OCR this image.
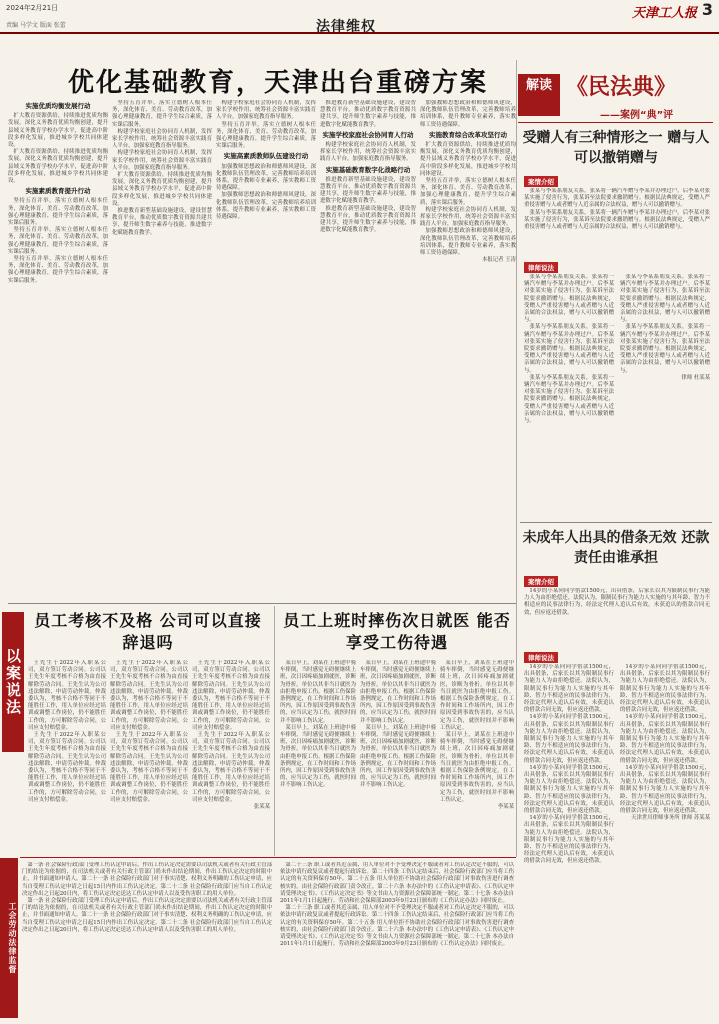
2024年2月21日
责编 马学文 版面 张蕾	法律维权
天津工人报 3
优化基础教育，天津出台重磅方案
实施优质均衡发展行动

扩大教育资源供给，持续推进优质均衡发展，深化义务教育优质均衡创建，提升县域义务教育学校办学水平，促进高中阶段多样化发展，推进城乡学校共同体建设。

扩大教育资源供给，持续推进优质均衡发展，深化义务教育优质均衡创建，提升县域义务教育学校办学水平，促进高中阶段多样化发展，推进城乡学校共同体建设。

实施素质教育提升行动

坚持五育并举，落实立德树人根本任务，深化体育、美育、劳动教育改革，加强心理健康教育，提升学生综合素质，落实课后服务。

坚持五育并举，落实立德树人根本任务，深化体育、美育、劳动教育改革，加强心理健康教育，提升学生综合素质，落实课后服务。

坚持五育并举，落实立德树人根本任务，深化体育、美育、劳动教育改革，加强心理健康教育，提升学生综合素质，落实课后服务。

坚持五育并举，落实立德树人根本任务，深化体育、美育、劳动教育改革，加强心理健康教育，提升学生综合素质，落实课后服务。

构建学校家庭社会协同育人机制，发挥家长学校作用，统筹社会资源丰富实践育人平台，加强家庭教育指导服务。

构建学校家庭社会协同育人机制，发挥家长学校作用，统筹社会资源丰富实践育人平台，加强家庭教育指导服务。

扩大教育资源供给，持续推进优质均衡发展，深化义务教育优质均衡创建，提升县域义务教育学校办学水平，促进高中阶段多样化发展，推进城乡学校共同体建设。

推进教育新型基础设施建设，建设智慧教育平台，推动优质数字教育资源共建共享，提升师生数字素养与技能，推进数字化赋能教育教学。

构建学校家庭社会协同育人机制，发挥家长学校作用，统筹社会资源丰富实践育人平台，加强家庭教育指导服务。

坚持五育并举，落实立德树人根本任务，深化体育、美育、劳动教育改革，加强心理健康教育，提升学生综合素质，落实课后服务。

实施高素质教师队伍建设行动

加强教师思想政治和师德师风建设，深化教师队伍管理改革，完善教师培养培训体系，提升教师专业素养，落实教师工资待遇保障。

加强教师思想政治和师德师风建设，深化教师队伍管理改革，完善教师培养培训体系，提升教师专业素养，落实教师工资待遇保障。

推进教育新型基础设施建设，建设智慧教育平台，推动优质数字教育资源共建共享，提升师生数字素养与技能，推进数字化赋能教育教学。

实施学校家庭社会协同育人行动

构建学校家庭社会协同育人机制，发挥家长学校作用，统筹社会资源丰富实践育人平台，加强家庭教育指导服务。

实施基础教育数字化战略行动

推进教育新型基础设施建设，建设智慧教育平台，推动优质数字教育资源共建共享，提升师生数字素养与技能，推进数字化赋能教育教学。

推进教育新型基础设施建设，建设智慧教育平台，推动优质数字教育资源共建共享，提升师生数字素养与技能，推进数字化赋能教育教学。

加强教师思想政治和师德师风建设，深化教师队伍管理改革，完善教师培养培训体系，提升教师专业素养，落实教师工资待遇保障。

实施教育综合改革攻坚行动

扩大教育资源供给，持续推进优质均衡发展，深化义务教育优质均衡创建，提升县域义务教育学校办学水平，促进高中阶段多样化发展，推进城乡学校共同体建设。

坚持五育并举，落实立德树人根本任务，深化体育、美育、劳动教育改革，加强心理健康教育，提升学生综合素质，落实课后服务。

构建学校家庭社会协同育人机制，发挥家长学校作用，统筹社会资源丰富实践育人平台，加强家庭教育指导服务。

加强教师思想政治和师德师风建设，深化教师队伍管理改革，完善教师培养培训体系，提升教师专业素养，落实教师工资待遇保障。

本报记者 王涛

解读 《民法典》
——案例“典”评
受赠人有三种情形之一 赠与人可以撤销赠与
案情介绍

张某与李某系朋友关系，张某将一辆汽车赠与李某并办理过户。后李某对张某实施了侵害行为，张某诉至法院要求撤销赠与。根据民法典规定，受赠人严重侵害赠与人或者赠与人近亲属的合法权益，赠与人可以撤销赠与。

张某与李某系朋友关系，张某将一辆汽车赠与李某并办理过户。后李某对张某实施了侵害行为，张某诉至法院要求撤销赠与。根据民法典规定，受赠人严重侵害赠与人或者赠与人近亲属的合法权益，赠与人可以撤销赠与。

律师说法

张某与李某系朋友关系，张某将一辆汽车赠与李某并办理过户。后李某对张某实施了侵害行为，张某诉至法院要求撤销赠与。根据民法典规定，受赠人严重侵害赠与人或者赠与人近亲属的合法权益，赠与人可以撤销赠与。

张某与李某系朋友关系，张某将一辆汽车赠与李某并办理过户。后李某对张某实施了侵害行为，张某诉至法院要求撤销赠与。根据民法典规定，受赠人严重侵害赠与人或者赠与人近亲属的合法权益，赠与人可以撤销赠与。

张某与李某系朋友关系，张某将一辆汽车赠与李某并办理过户。后李某对张某实施了侵害行为，张某诉至法院要求撤销赠与。根据民法典规定，受赠人严重侵害赠与人或者赠与人近亲属的合法权益，赠与人可以撤销赠与。

张某与李某系朋友关系，张某将一辆汽车赠与李某并办理过户。后李某对张某实施了侵害行为，张某诉至法院要求撤销赠与。根据民法典规定，受赠人严重侵害赠与人或者赠与人近亲属的合法权益，赠与人可以撤销赠与。

张某与李某系朋友关系，张某将一辆汽车赠与李某并办理过户。后李某对张某实施了侵害行为，张某诉至法院要求撤销赠与。根据民法典规定，受赠人严重侵害赠与人或者赠与人近亲属的合法权益，赠与人可以撤销赠与。

律师 杜某某

未成年人出具的借条无效 还款责任由谁承担
案情介绍

14岁的小某向同学借款1500元，出具借条，后家长以其为限制民事行为能力人为由拒绝偿还。法院认为，限制民事行为能力人实施的与其年龄、智力不相适应的民事法律行为，经法定代理人追认后有效，未获追认的借款合同无效，但应返还借款。

律师说法

14岁的小某向同学借款1500元，出具借条，后家长以其为限制民事行为能力人为由拒绝偿还。法院认为，限制民事行为能力人实施的与其年龄、智力不相适应的民事法律行为，经法定代理人追认后有效，未获追认的借款合同无效，但应返还借款。

14岁的小某向同学借款1500元，出具借条，后家长以其为限制民事行为能力人为由拒绝偿还。法院认为，限制民事行为能力人实施的与其年龄、智力不相适应的民事法律行为，经法定代理人追认后有效，未获追认的借款合同无效，但应返还借款。

14岁的小某向同学借款1500元，出具借条，后家长以其为限制民事行为能力人为由拒绝偿还。法院认为，限制民事行为能力人实施的与其年龄、智力不相适应的民事法律行为，经法定代理人追认后有效，未获追认的借款合同无效，但应返还借款。

14岁的小某向同学借款1500元，出具借条，后家长以其为限制民事行为能力人为由拒绝偿还。法院认为，限制民事行为能力人实施的与其年龄、智力不相适应的民事法律行为，经法定代理人追认后有效，未获追认的借款合同无效，但应返还借款。

14岁的小某向同学借款1500元，出具借条，后家长以其为限制民事行为能力人为由拒绝偿还。法院认为，限制民事行为能力人实施的与其年龄、智力不相适应的民事法律行为，经法定代理人追认后有效，未获追认的借款合同无效，但应返还借款。

14岁的小某向同学借款1500元，出具借条，后家长以其为限制民事行为能力人为由拒绝偿还。法院认为，限制民事行为能力人实施的与其年龄、智力不相适应的民事法律行为，经法定代理人追认后有效，未获追认的借款合同无效，但应返还借款。

14岁的小某向同学借款1500元，出具借条，后家长以其为限制民事行为能力人为由拒绝偿还。法院认为，限制民事行为能力人实施的与其年龄、智力不相适应的民事法律行为，经法定代理人追认后有效，未获追认的借款合同无效，但应返还借款。

天津世川律师事务所 律师 苏某某

以案说法
员工考核不及格 公司可以直接辞退吗

王先生于2022年入职某公司，双方签订劳动合同。公司以王先生年度考核不合格为由直接解除劳动合同。王先生认为公司违法解除，申请劳动仲裁。仲裁委认为，考核不合格不等同于不能胜任工作，用人单位应经过培训或调整工作岗位，仍不能胜任工作的，方可解除劳动合同，公司应支付赔偿金。

王先生于2022年入职某公司，双方签订劳动合同。公司以王先生年度考核不合格为由直接解除劳动合同。王先生认为公司违法解除，申请劳动仲裁。仲裁委认为，考核不合格不等同于不能胜任工作，用人单位应经过培训或调整工作岗位，仍不能胜任工作的，方可解除劳动合同，公司应支付赔偿金。

王先生于2022年入职某公司，双方签订劳动合同。公司以王先生年度考核不合格为由直接解除劳动合同。王先生认为公司违法解除，申请劳动仲裁。仲裁委认为，考核不合格不等同于不能胜任工作，用人单位应经过培训或调整工作岗位，仍不能胜任工作的，方可解除劳动合同，公司应支付赔偿金。

王先生于2022年入职某公司，双方签订劳动合同。公司以王先生年度考核不合格为由直接解除劳动合同。王先生认为公司违法解除，申请劳动仲裁。仲裁委认为，考核不合格不等同于不能胜任工作，用人单位应经过培训或调整工作岗位，仍不能胜任工作的，方可解除劳动合同，公司应支付赔偿金。

王先生于2022年入职某公司，双方签订劳动合同。公司以王先生年度考核不合格为由直接解除劳动合同。王先生认为公司违法解除，申请劳动仲裁。仲裁委认为，考核不合格不等同于不能胜任工作，用人单位应经过培训或调整工作岗位，仍不能胜任工作的，方可解除劳动合同，公司应支付赔偿金。

王先生于2022年入职某公司，双方签订劳动合同。公司以王先生年度考核不合格为由直接解除劳动合同。王先生认为公司违法解除，申请劳动仲裁。仲裁委认为，考核不合格不等同于不能胜任工作，用人单位应经过培训或调整工作岗位，仍不能胜任工作的，方可解除劳动合同，公司应支付赔偿金。

张某某

员工上班时摔伤次日就医 能否享受工伤待遇

某日早上，刘某在上班途中骑车摔倒，当时感觉无碍便继续上班，次日因疼痛加剧就医，诊断为骨折。单位以其非当日就医为由拒绝申报工伤。根据工伤保险条例规定，在工作时间和工作场所内，因工作原因受到事故伤害的，应当认定为工伤，就医时间并不影响工伤认定。

某日早上，刘某在上班途中骑车摔倒，当时感觉无碍便继续上班，次日因疼痛加剧就医，诊断为骨折。单位以其非当日就医为由拒绝申报工伤。根据工伤保险条例规定，在工作时间和工作场所内，因工作原因受到事故伤害的，应当认定为工伤，就医时间并不影响工伤认定。

某日早上，刘某在上班途中骑车摔倒，当时感觉无碍便继续上班，次日因疼痛加剧就医，诊断为骨折。单位以其非当日就医为由拒绝申报工伤。根据工伤保险条例规定，在工作时间和工作场所内，因工作原因受到事故伤害的，应当认定为工伤，就医时间并不影响工伤认定。

某日早上，刘某在上班途中骑车摔倒，当时感觉无碍便继续上班，次日因疼痛加剧就医，诊断为骨折。单位以其非当日就医为由拒绝申报工伤。根据工伤保险条例规定，在工作时间和工作场所内，因工作原因受到事故伤害的，应当认定为工伤，就医时间并不影响工伤认定。

某日早上，刘某在上班途中骑车摔倒，当时感觉无碍便继续上班，次日因疼痛加剧就医，诊断为骨折。单位以其非当日就医为由拒绝申报工伤。根据工伤保险条例规定，在工作时间和工作场所内，因工作原因受到事故伤害的，应当认定为工伤，就医时间并不影响工伤认定。

某日早上，刘某在上班途中骑车摔倒，当时感觉无碍便继续上班，次日因疼痛加剧就医，诊断为骨折。单位以其非当日就医为由拒绝申报工伤。根据工伤保险条例规定，在工作时间和工作场所内，因工作原因受到事故伤害的，应当认定为工伤，就医时间并不影响工伤认定。

李某某

工会劳动法律监督

第一条 社会保险行政部门受理工伤认定申请后，作出工伤认定决定需要以司法机关或者有关行政主管部门的结论为依据的，在司法机关或者有关行政主管部门尚未作出结论期间，作出工伤认定决定的时限中止，并书面通知申请人。第二十一条 社会保险行政部门对于事实清楚、权利义务明确的工伤认定申请，应当自受理工伤认定申请之日起15日内作出工伤认定决定。第二十二条 社会保险行政部门应当自工伤认定决定作出之日起20日内，将工伤认定决定送达工伤认定申请人以及受伤害职工的用人单位。

第一条 社会保险行政部门受理工伤认定申请后，作出工伤认定决定需要以司法机关或者有关行政主管部门的结论为依据的，在司法机关或者有关行政主管部门尚未作出结论期间，作出工伤认定决定的时限中止，并书面通知申请人。第二十一条 社会保险行政部门对于事实清楚、权利义务明确的工伤认定申请，应当自受理工伤认定申请之日起15日内作出工伤认定决定。第二十二条 社会保险行政部门应当自工伤认定决定作出之日起20日内，将工伤认定决定送达工伤认定申请人以及受伤害职工的用人单位。

第二十三条 职工或者其近亲属、用人单位对不予受理决定不服或者对工伤认定决定不服的，可以依法申请行政复议或者提起行政诉讼。第二十四条 工伤认定结束后，社会保险行政部门应当将工伤认定的有关资料保存50年。第二十五条 用人单位拒不协助社会保险行政部门对事故伤害进行调查核实的，由社会保险行政部门责令改正。第二十六条 本办法中的《工伤认定申请表》、《工伤认定申请受理决定书》、《工伤认定决定书》等文书由人力资源社会保障部统一制定。第二十七条 本办法自2011年1月1日起施行。劳动和社会保障部2003年9月23日颁布的《工伤认定办法》同时废止。

第二十三条 职工或者其近亲属、用人单位对不予受理决定不服或者对工伤认定决定不服的，可以依法申请行政复议或者提起行政诉讼。第二十四条 工伤认定结束后，社会保险行政部门应当将工伤认定的有关资料保存50年。第二十五条 用人单位拒不协助社会保险行政部门对事故伤害进行调查核实的，由社会保险行政部门责令改正。第二十六条 本办法中的《工伤认定申请表》、《工伤认定申请受理决定书》、《工伤认定决定书》等文书由人力资源社会保障部统一制定。第二十七条 本办法自2011年1月1日起施行。劳动和社会保障部2003年9月23日颁布的《工伤认定办法》同时废止。
